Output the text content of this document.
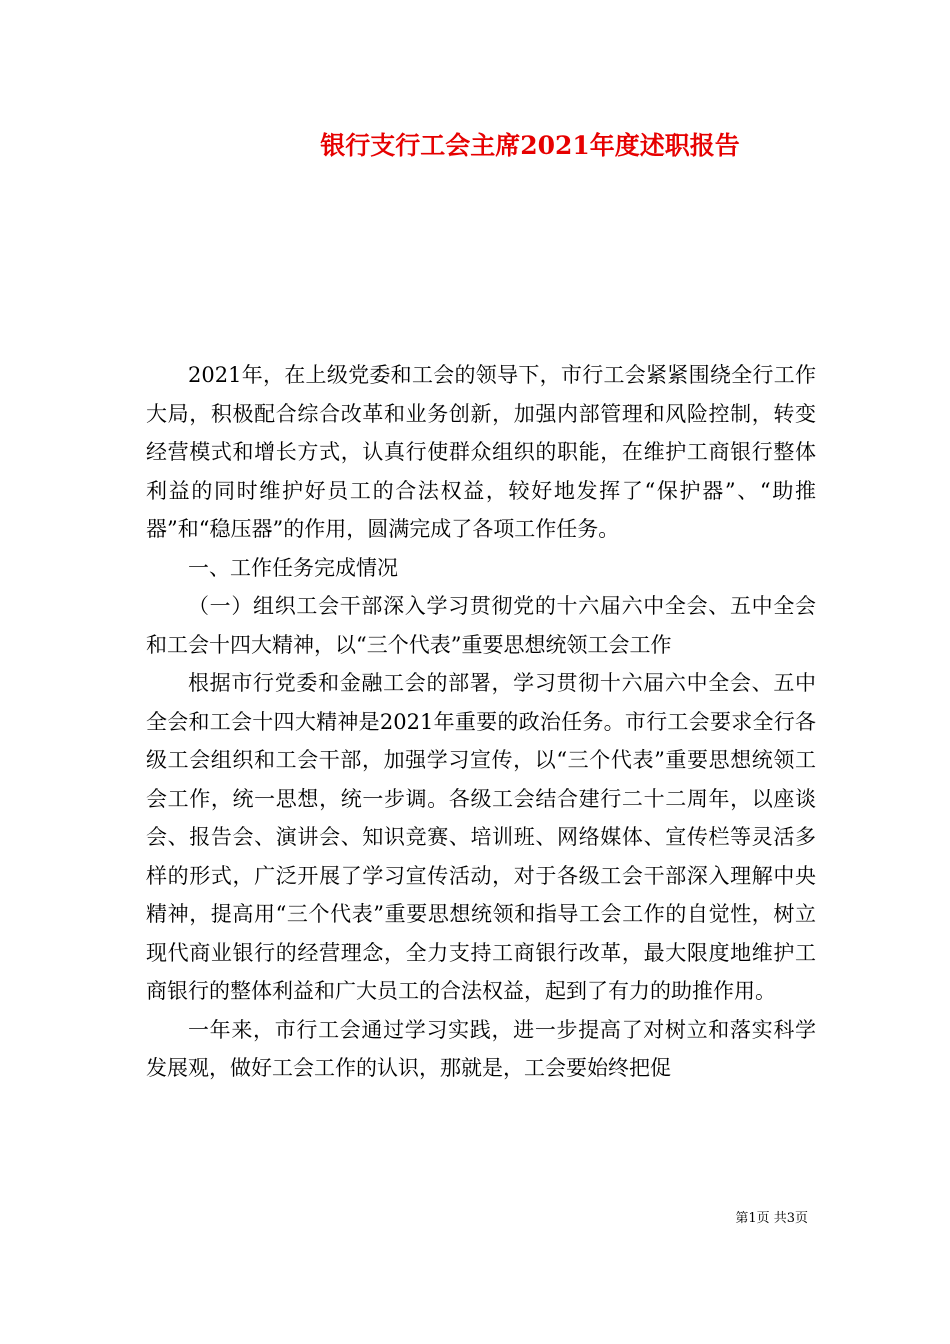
银行支行工会主席2021年度述职报告

2021年，在上级党委和工会的领导下，市行工会紧紧围绕全行工作大局，积极配合综合改革和业务创新，加强内部管理和风险控制，转变经营模式和增长方式，认真行使群众组织的职能，在维护工商银行整体利益的同时维护好员工的合法权益，较好地发挥了“保护器”、“助推器”和“稳压器”的作用，圆满完成了各项工作任务。

一、工作任务完成情况

（一）组织工会干部深入学习贯彻党的十六届六中全会、五中全会和工会十四大精神，以“三个代表”重要思想统领工会工作

根据市行党委和金融工会的部署，学习贯彻十六届六中全会、五中全会和工会十四大精神是2021年重要的政治任务。市行工会要求全行各级工会组织和工会干部，加强学习宣传，以“三个代表”重要思想统领工会工作，统一思想，统一步调。各级工会结合建行二十二周年，以座谈会、报告会、演讲会、知识竞赛、培训班、网络媒体、宣传栏等灵活多样的形式，广泛开展了学习宣传活动，对于各级工会干部深入理解中央精神，提高用“三个代表”重要思想统领和指导工会工作的自觉性，树立现代商业银行的经营理念，全力支持工商银行改革，最大限度地维护工商银行的整体利益和广大员工的合法权益，起到了有力的助推作用。

一年来，市行工会通过学习实践，进一步提高了对树立和落实科学发展观，做好工会工作的认识，那就是，工会要始终把促

第1页 共3页
